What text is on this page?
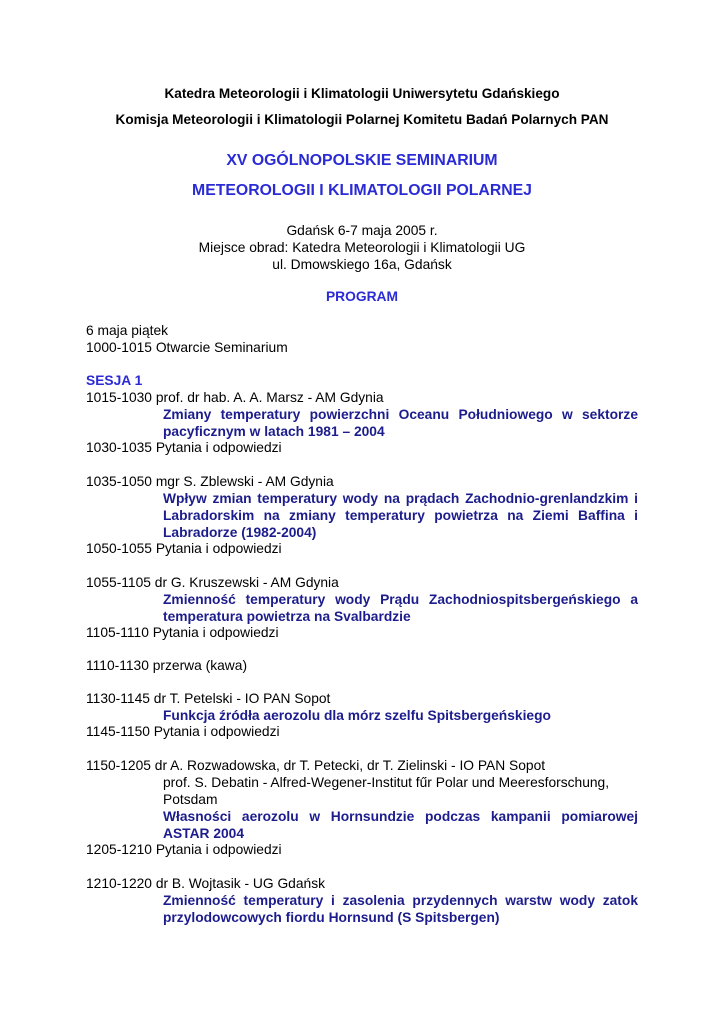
Katedra Meteorologii i Klimatologii Uniwersytetu Gdańskiego
Komisja Meteorologii i Klimatologii Polarnej Komitetu Badań Polarnych PAN
XV OGÓLNOPOLSKIE SEMINARIUM
METEOROLOGII I KLIMATOLOGII POLARNEJ
Gdańsk 6-7 maja 2005 r.
Miejsce obrad: Katedra Meteorologii i Klimatologii UG
ul. Dmowskiego 16a, Gdańsk
PROGRAM
6 maja piątek
1000-1015 Otwarcie Seminarium
SESJA 1
1015-1030 prof. dr hab. A. A. Marsz - AM Gdynia
Zmiany temperatury powierzchni Oceanu Południowego w sektorze pacyficznym w latach 1981 – 2004
1030-1035 Pytania i odpowiedzi
1035-1050 mgr S. Zblewski - AM Gdynia
Wpływ zmian temperatury wody na prądach Zachodnio-grenlandzkim i Labradorskim na zmiany temperatury powietrza na Ziemi Baffina i Labradorze (1982-2004)
1050-1055 Pytania i odpowiedzi
1055-1105 dr G. Kruszewski - AM Gdynia
Zmienność temperatury wody Prądu Zachodniospitsbergeńskiego a temperatura powietrza na Svalbardzie
1105-1110 Pytania i odpowiedzi
1110-1130 przerwa (kawa)
1130-1145 dr T. Petelski - IO PAN Sopot
Funkcja źródła aerozolu dla mórz szelfu Spitsbergeńskiego
1145-1150 Pytania i odpowiedzi
1150-1205 dr A. Rozwadowska, dr T. Petecki, dr T. Zielinski - IO PAN Sopot
prof. S. Debatin - Alfred-Wegener-Institut fűr Polar und Meeresforschung, Potsdam
Własności aerozolu w Hornsundzie podczas kampanii pomiarowej ASTAR 2004
1205-1210 Pytania i odpowiedzi
1210-1220 dr B. Wojtasik - UG Gdańsk
Zmienność temperatury i zasolenia przydennych warstw wody zatok przylodowcowych fiordu Hornsund (S Spitsbergen)
